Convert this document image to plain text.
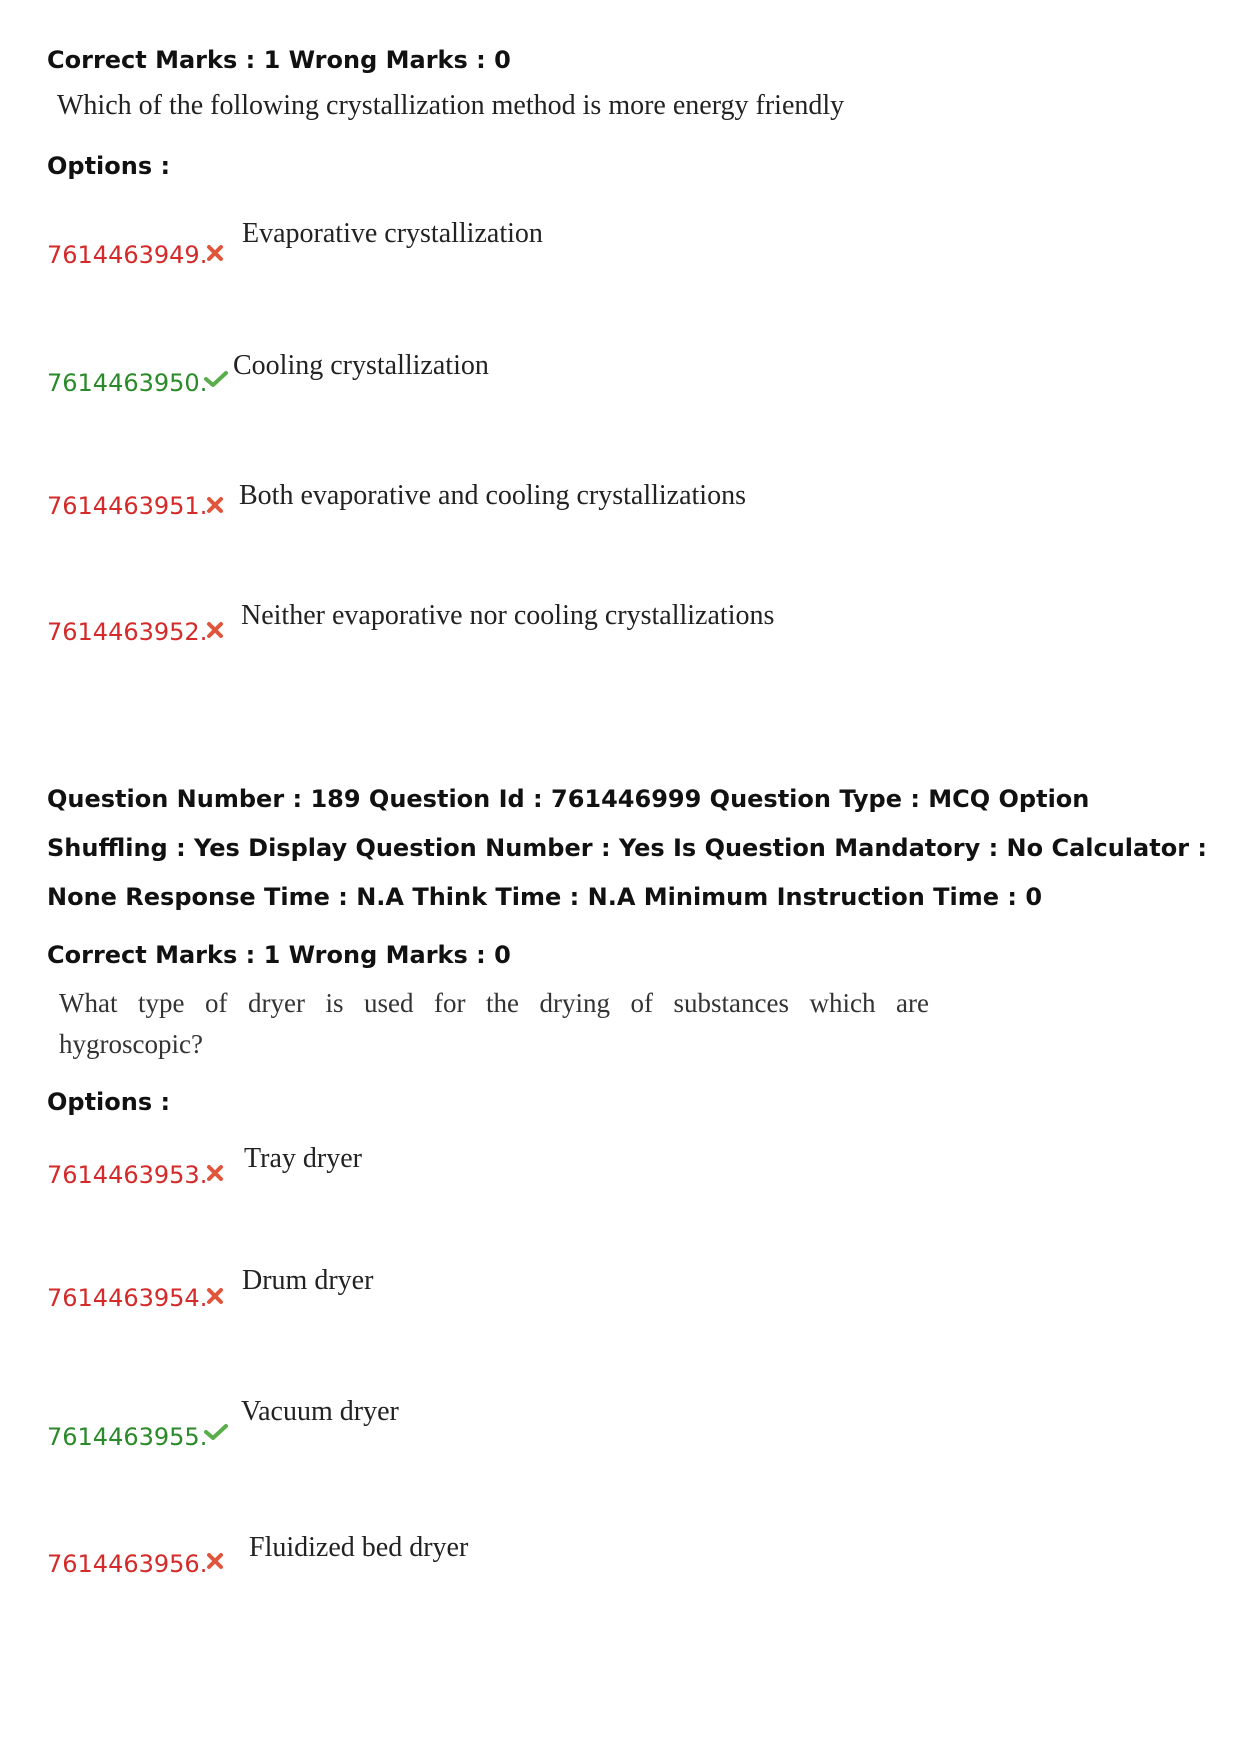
Correct Marks : 1 Wrong Marks : 0
Which of the following crystallization method is more energy friendly
Options :
7614463949.
Evaporative crystallization
7614463950.
Cooling crystallization
7614463951. Both evaporative and cooling crystallizations
7614463952.
Neither evaporative nor cooling crystallizations
Question Number : 189 Question Id : 761446999 Question Type : MCQ Option Shuffling : Yes Display Question Number : Yes Is Question Mandatory : No Calculator : None Response Time : N.A Think Time : N.A Minimum Instruction Time : 0
Correct Marks : 1 Wrong Marks : 0
What type of dryer is used for the drying of substances which are hygroscopic?
Options :
7614463953.
Tray dryer
7614463954.
Drum dryer
7614463955.
Vacuum dryer
7614463956.
Fluidized bed dryer
